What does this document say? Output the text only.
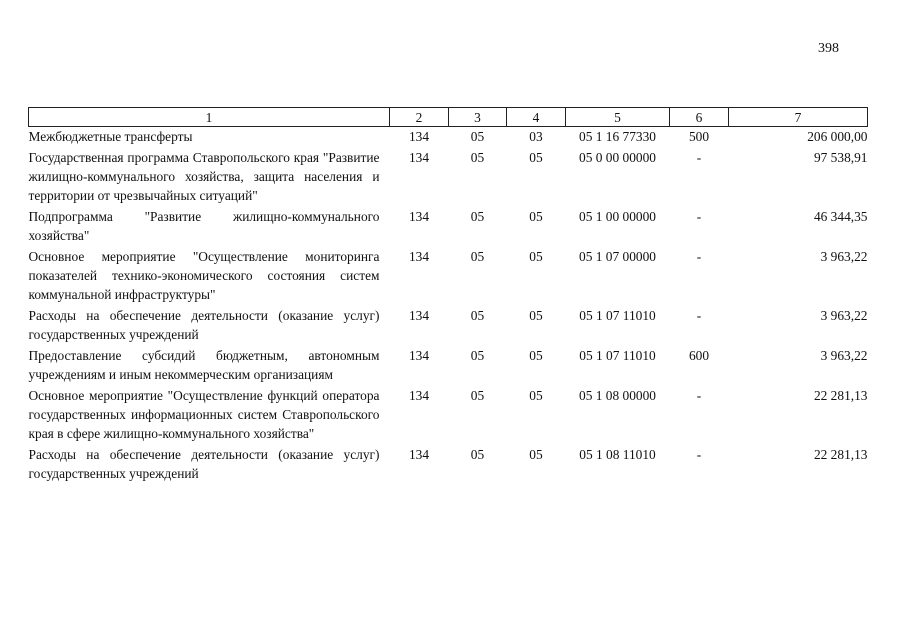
398
1	2	3	4	5	6	7
Межбюджетные трансферты	134	05	03	05 1 16 77330	500	206 000,00
Государственная программа Ставропольского края "Развитие жилищно-коммунального хозяйства, защита населения и территории от чрезвычайных ситуаций"	134	05	05	05 0 00 00000	-	97 538,91
Подпрограмма "Развитие жилищно-коммунального хозяйства"	134	05	05	05 1 00 00000	-	46 344,35
Основное мероприятие "Осуществление мониторинга показателей технико-экономического состояния систем коммунальной инфраструктуры"	134	05	05	05 1 07 00000	-	3 963,22
Расходы на обеспечение деятельности (оказание услуг) государственных учреждений	134	05	05	05 1 07 11010	-	3 963,22
Предоставление субсидий бюджетным, автономным учреждениям и иным некоммерческим организациям	134	05	05	05 1 07 11010	600	3 963,22
Основное мероприятие "Осуществление функций оператора государственных информационных систем Ставропольского края в сфере жилищно-коммунального хозяйства"	134	05	05	05 1 08 00000	-	22 281,13
Расходы на обеспечение деятельности (оказание услуг) государственных учреждений	134	05	05	05 1 08 11010	-	22 281,13
